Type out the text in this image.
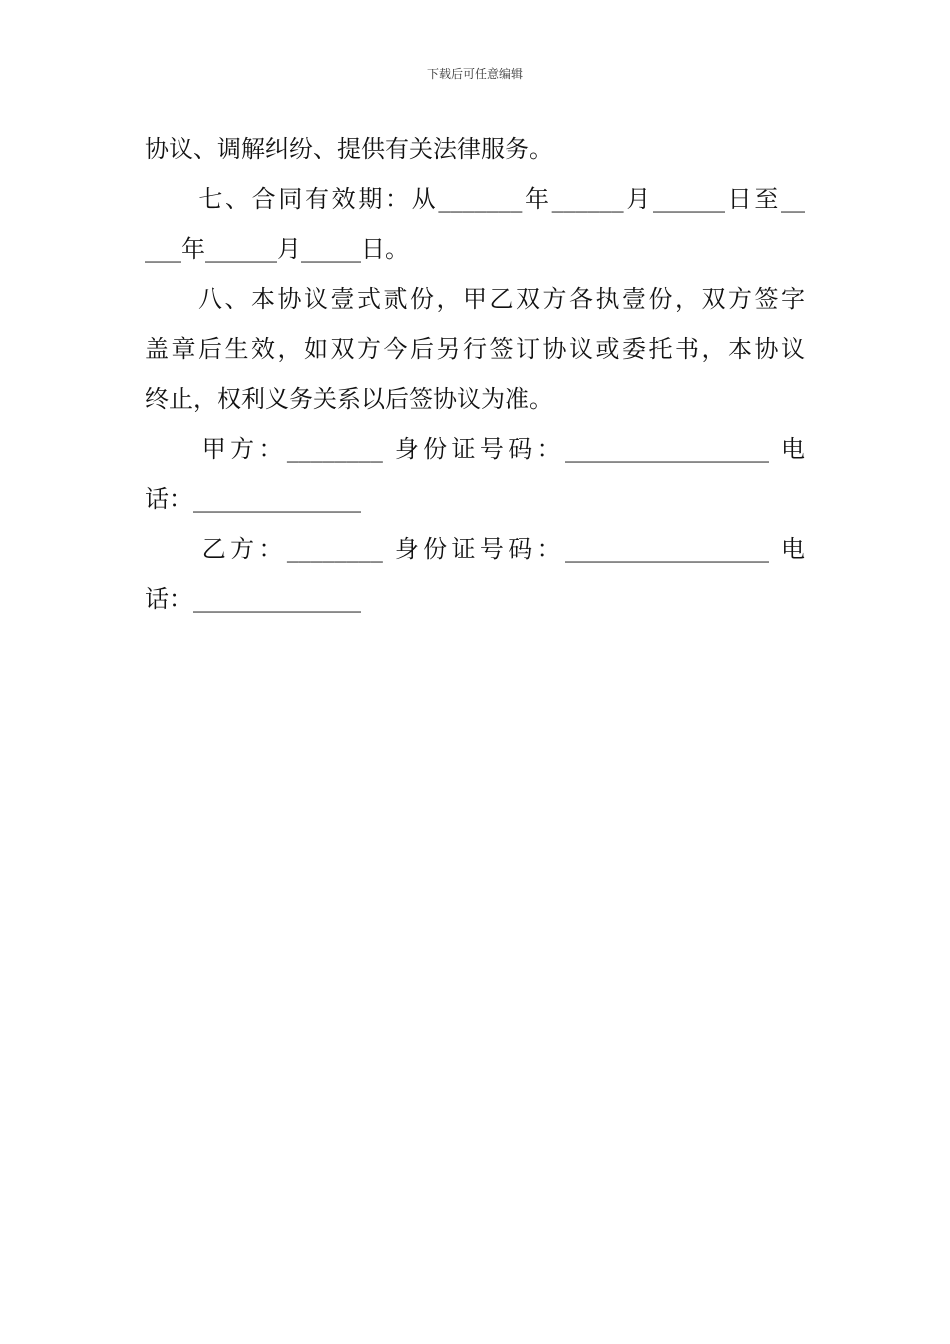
下载后可任意编辑
协议、调解纠纷、提供有关法律服务。
　　七、合同有效期：从_______年______月______日至__
___年______月_____日。
　　八、本协议壹式贰份，甲乙双方各执壹份，双方签字
盖章后生效，如双方今后另行签订协议或委托书，本协议
终止，权利义务关系以后签协议为准。
　　甲方：________ 身份证号码：_________________ 电
话：______________
　　乙方：________ 身份证号码：_________________ 电
话：______________
